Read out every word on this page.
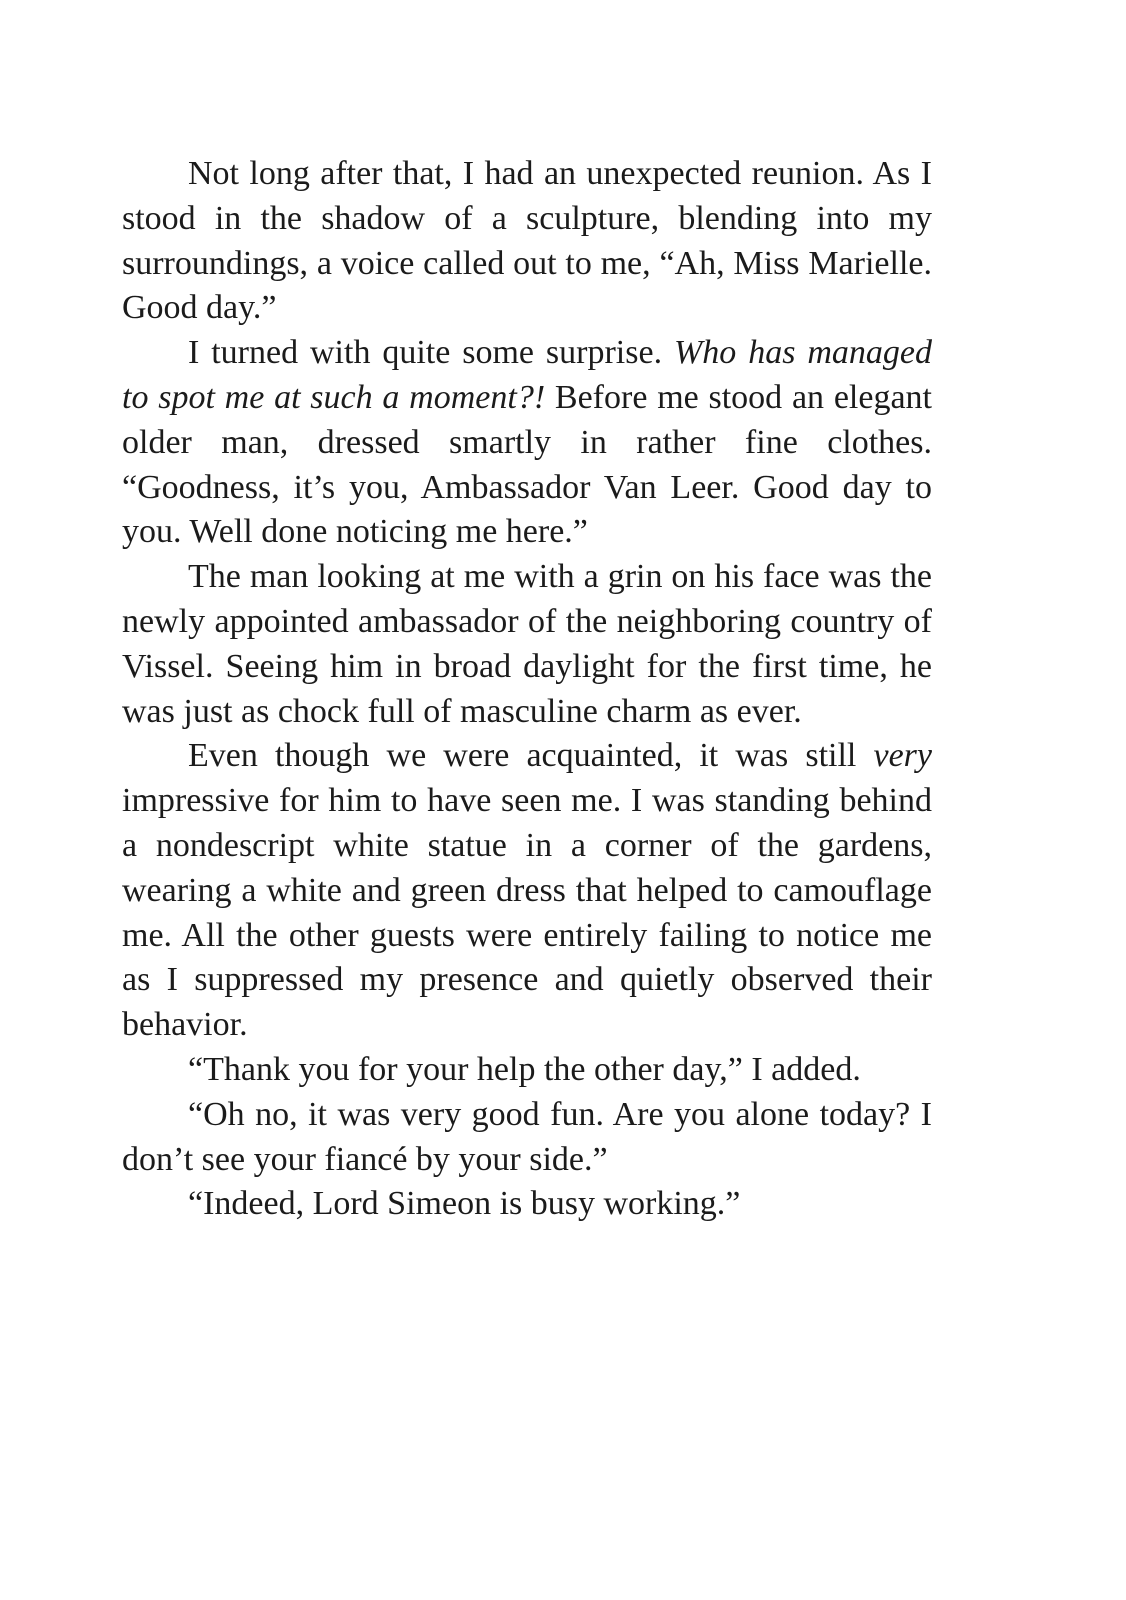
Not long after that, I had an unexpected reunion. As I stood in the shadow of a sculpture, blending into my surroundings, a voice called out to me, “Ah, Miss Marielle. Good day.”

I turned with quite some surprise. Who has managed to spot me at such a moment?! Before me stood an elegant older man, dressed smartly in rather fine clothes. “Goodness, it’s you, Ambassador Van Leer. Good day to you. Well done noticing me here.”

The man looking at me with a grin on his face was the newly appointed ambassador of the neighboring country of Vissel. Seeing him in broad daylight for the first time, he was just as chock full of masculine charm as ever.

Even though we were acquainted, it was still very impressive for him to have seen me. I was standing behind a nondescript white statue in a corner of the gardens, wearing a white and green dress that helped to camouflage me. All the other guests were entirely failing to notice me as I suppressed my presence and quietly observed their behavior.

“Thank you for your help the other day,” I added.

“Oh no, it was very good fun. Are you alone today? I don’t see your fiancé by your side.”

“Indeed, Lord Simeon is busy working.”
